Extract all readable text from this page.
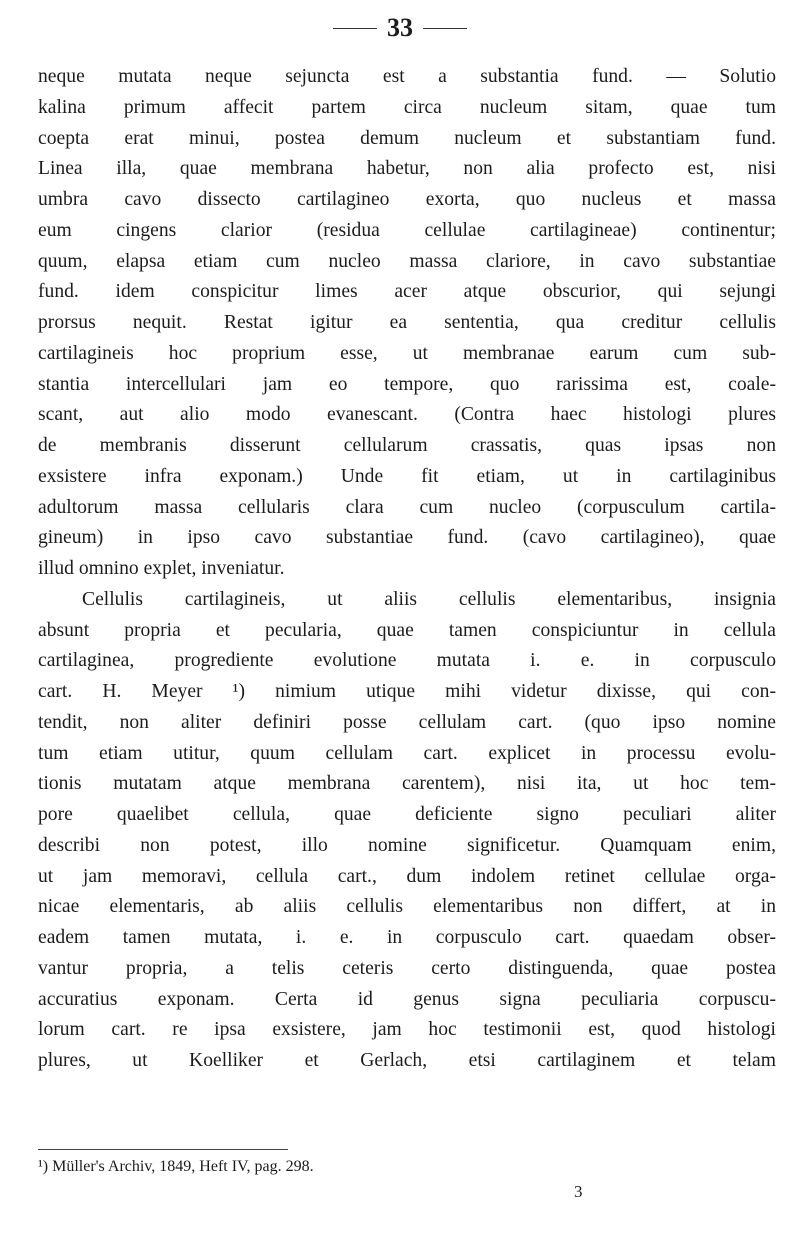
33
neque mutata neque sejuncta est a substantia fund. — Solutio
kalina primum affecit partem circa nucleum sitam, quae tum
coepta erat minui, postea demum nucleum et substantiam fund.
Linea illa, quae membrana habetur, non alia profecto est, nisi
umbra cavo dissecto cartilagineo exorta, quo nucleus et massa
eum cingens clarior (residua cellulae cartilagineae) continentur;
quum, elapsa etiam cum nucleo massa clariore, in cavo substantiae
fund. idem conspicitur limes acer atque obscurior, qui sejungi
prorsus nequit. Restat igitur ea sententia, qua creditur cellulis
cartilagineis hoc proprium esse, ut membranae earum cum sub-
stantia intercellulari jam eo tempore, quo rarissima est, coale-
scant, aut alio modo evanescant. (Contra haec histologi plures
de membranis disserunt cellularum crassatis, quas ipsas non
exsistere infra exponam.) Unde fit etiam, ut in cartilaginibus
adultorum massa cellularis clara cum nucleo (corpusculum cartila-
gineum) in ipso cavo substantiae fund. (cavo cartilagineo), quae
illud omnino explet, inveniatur.
Cellulis cartilagineis, ut aliis cellulis elementaribus, insignia
absunt propria et pecularia, quae tamen conspiciuntur in cellula
cartilaginea, progrediente evolutione mutata i. e. in corpusculo
cart. H. Meyer ¹) nimium utique mihi videtur dixisse, qui con-
tendit, non aliter definiri posse cellulam cart. (quo ipso nomine
tum etiam utitur, quum cellulam cart. explicet in processu evolu-
tionis mutatam atque membrana carentem), nisi ita, ut hoc tem-
pore quaelibet cellula, quae deficiente signo peculiari aliter
describi non potest, illo nomine significetur. Quamquam enim,
ut jam memoravi, cellula cart., dum indolem retinet cellulae orga-
nicae elementaris, ab aliis cellulis elementaribus non differt, at in
eadem tamen mutata, i. e. in corpusculo cart. quaedam obser-
vantur propria, a telis ceteris certo distinguenda, quae postea
accuratius exponam. Certa id genus signa peculiaria corpuscu-
lorum cart. re ipsa exsistere, jam hoc testimonii est, quod histologi
plures, ut Koelliker et Gerlach, etsi cartilaginem et telam
¹) Müller's Archiv, 1849, Heft IV, pag. 298.
3
